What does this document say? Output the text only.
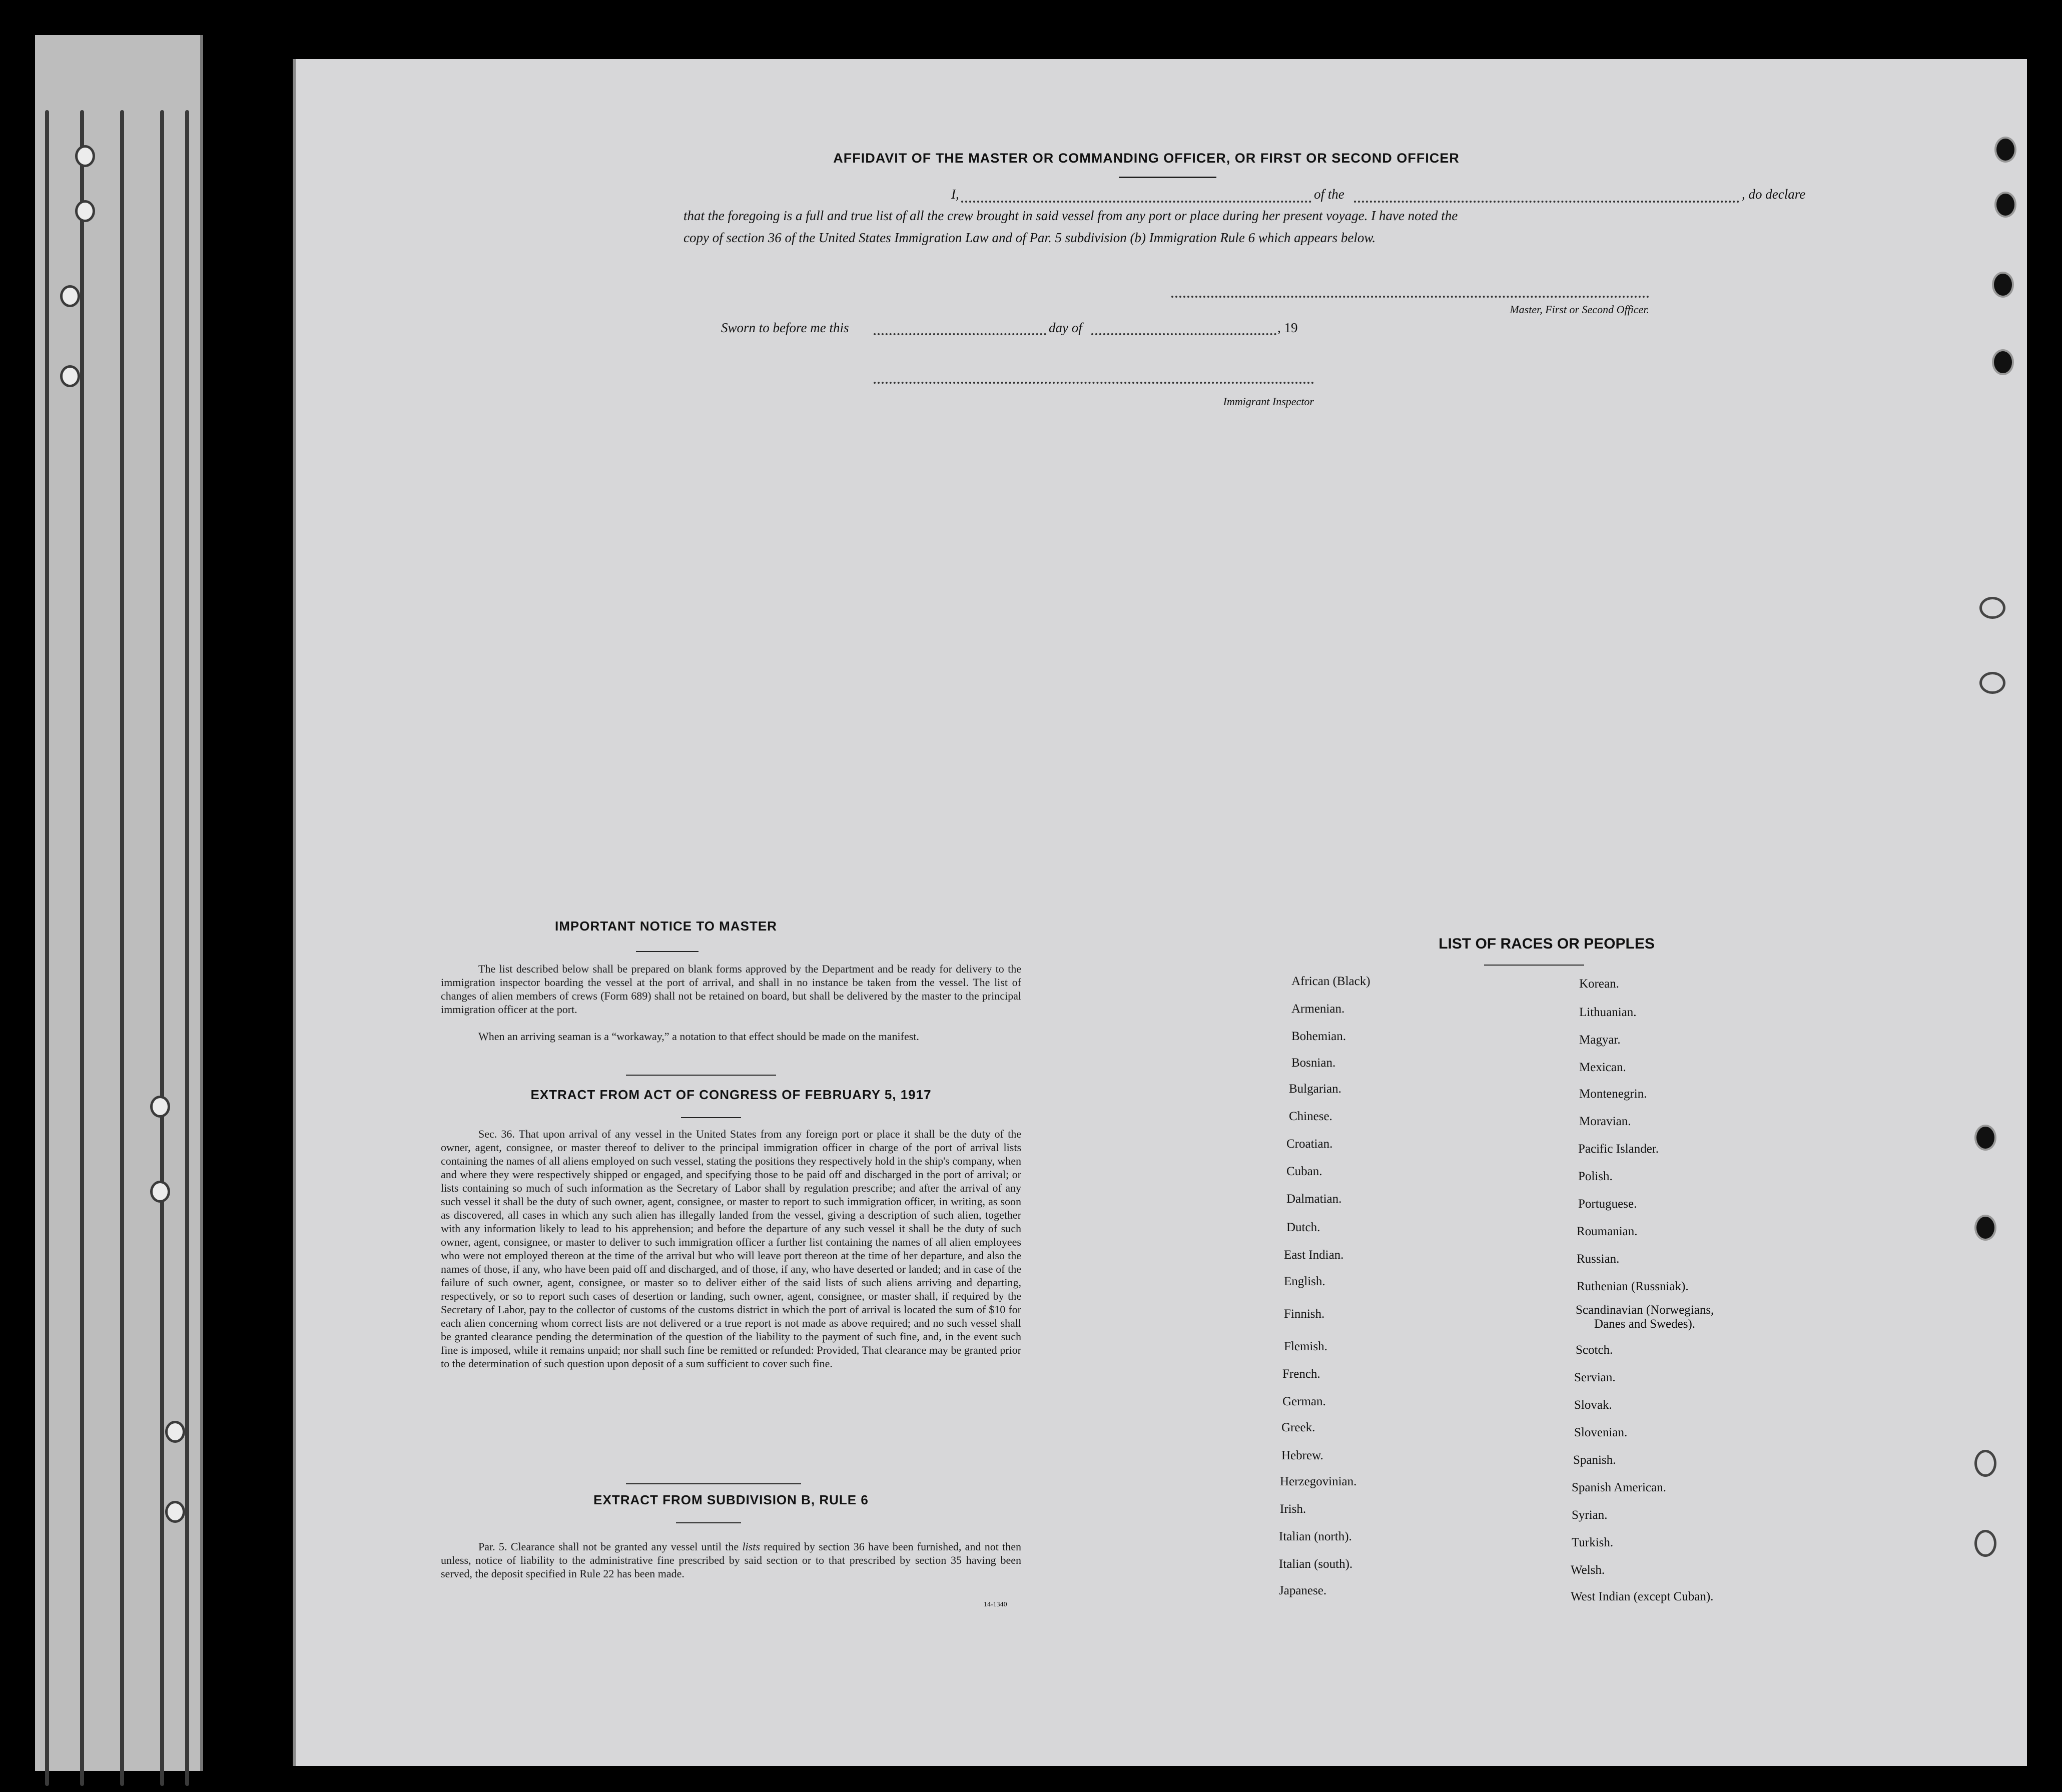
AFFIDAVIT OF THE MASTER OR COMMANDING OFFICER, OR FIRST OR SECOND OFFICER
I,	of the	, do declare
that the foregoing is a full and true list of all the crew brought in said vessel from any port or place during her present voyage. I have noted the
copy of section 36 of the United States Immigration Law and of Par. 5 subdivision (b) Immigration Rule 6 which appears below.
Master, First or Second Officer.
Sworn to before me this	day of	, 19
Immigrant Inspector
IMPORTANT NOTICE TO MASTER
The list described below shall be prepared on blank forms approved by the Department and be ready for delivery to the immigration inspector boarding the vessel at the port of arrival, and shall in no instance be taken from the vessel. The list of changes of alien members of crews (Form 689) shall not be retained on board, but shall be delivered by the master to the principal immigration officer at the port.
When an arriving seaman is a “workaway,” a notation to that effect should be made on the manifest.
EXTRACT FROM ACT OF CONGRESS OF FEBRUARY 5, 1917
Sec. 36. That upon arrival of any vessel in the United States from any foreign port or place it shall be the duty of the owner, agent, consignee, or master thereof to deliver to the principal immigration officer in charge of the port of arrival lists containing the names of all aliens employed on such vessel, stating the positions they respectively hold in the ship's company, when and where they were respectively shipped or engaged, and specifying those to be paid off and discharged in the port of arrival; or lists containing so much of such information as the Secretary of Labor shall by regulation prescribe; and after the arrival of any such vessel it shall be the duty of such owner, agent, consignee, or master to report to such immigration officer, in writing, as soon as discovered, all cases in which any such alien has illegally landed from the vessel, giving a description of such alien, together with any information likely to lead to his apprehension; and before the departure of any such vessel it shall be the duty of such owner, agent, consignee, or master to deliver to such immigration officer a further list containing the names of all alien employees who were not employed thereon at the time of the arrival but who will leave port thereon at the time of her departure, and also the names of those, if any, who have been paid off and discharged, and of those, if any, who have deserted or landed; and in case of the failure of such owner, agent, consignee, or master so to deliver either of the said lists of such aliens arriving and departing, respectively, or so to report such cases of desertion or landing, such owner, agent, consignee, or master shall, if required by the Secretary of Labor, pay to the collector of customs of the customs district in which the port of arrival is located the sum of $10 for each alien concerning whom correct lists are not delivered or a true report is not made as above required; and no such vessel shall be granted clearance pending the determination of the question of the liability to the payment of such fine, and, in the event such fine is imposed, while it remains unpaid; nor shall such fine be remitted or refunded: Provided, That clearance may be granted prior to the determination of such question upon deposit of a sum sufficient to cover such fine.
EXTRACT FROM SUBDIVISION B, RULE 6
Par. 5. Clearance shall not be granted any vessel until the lists required by section 36 have been furnished, and not then unless, notice of liability to the administrative fine prescribed by said section or to that prescribed by section 35 having been served, the deposit specified in Rule 22 has been made.
14-1340
LIST OF RACES OR PEOPLES
African (Black)
Armenian.
Bohemian.
Bosnian.
Bulgarian.
Chinese.
Croatian.
Cuban.
Dalmatian.
Dutch.
East Indian.
English.
Finnish.
Flemish.
French.
German.
Greek.
Hebrew.
Herzegovinian.
Irish.
Italian (north).
Italian (south).
Japanese.
Korean.
Lithuanian.
Magyar.
Mexican.
Montenegrin.
Moravian.
Pacific Islander.
Polish.
Portuguese.
Roumanian.
Russian.
Ruthenian (Russniak).
Scandinavian (Norwegians,
Danes and Swedes).
Scotch.
Servian.
Slovak.
Slovenian.
Spanish.
Spanish American.
Syrian.
Turkish.
Welsh.
West Indian (except Cuban).
